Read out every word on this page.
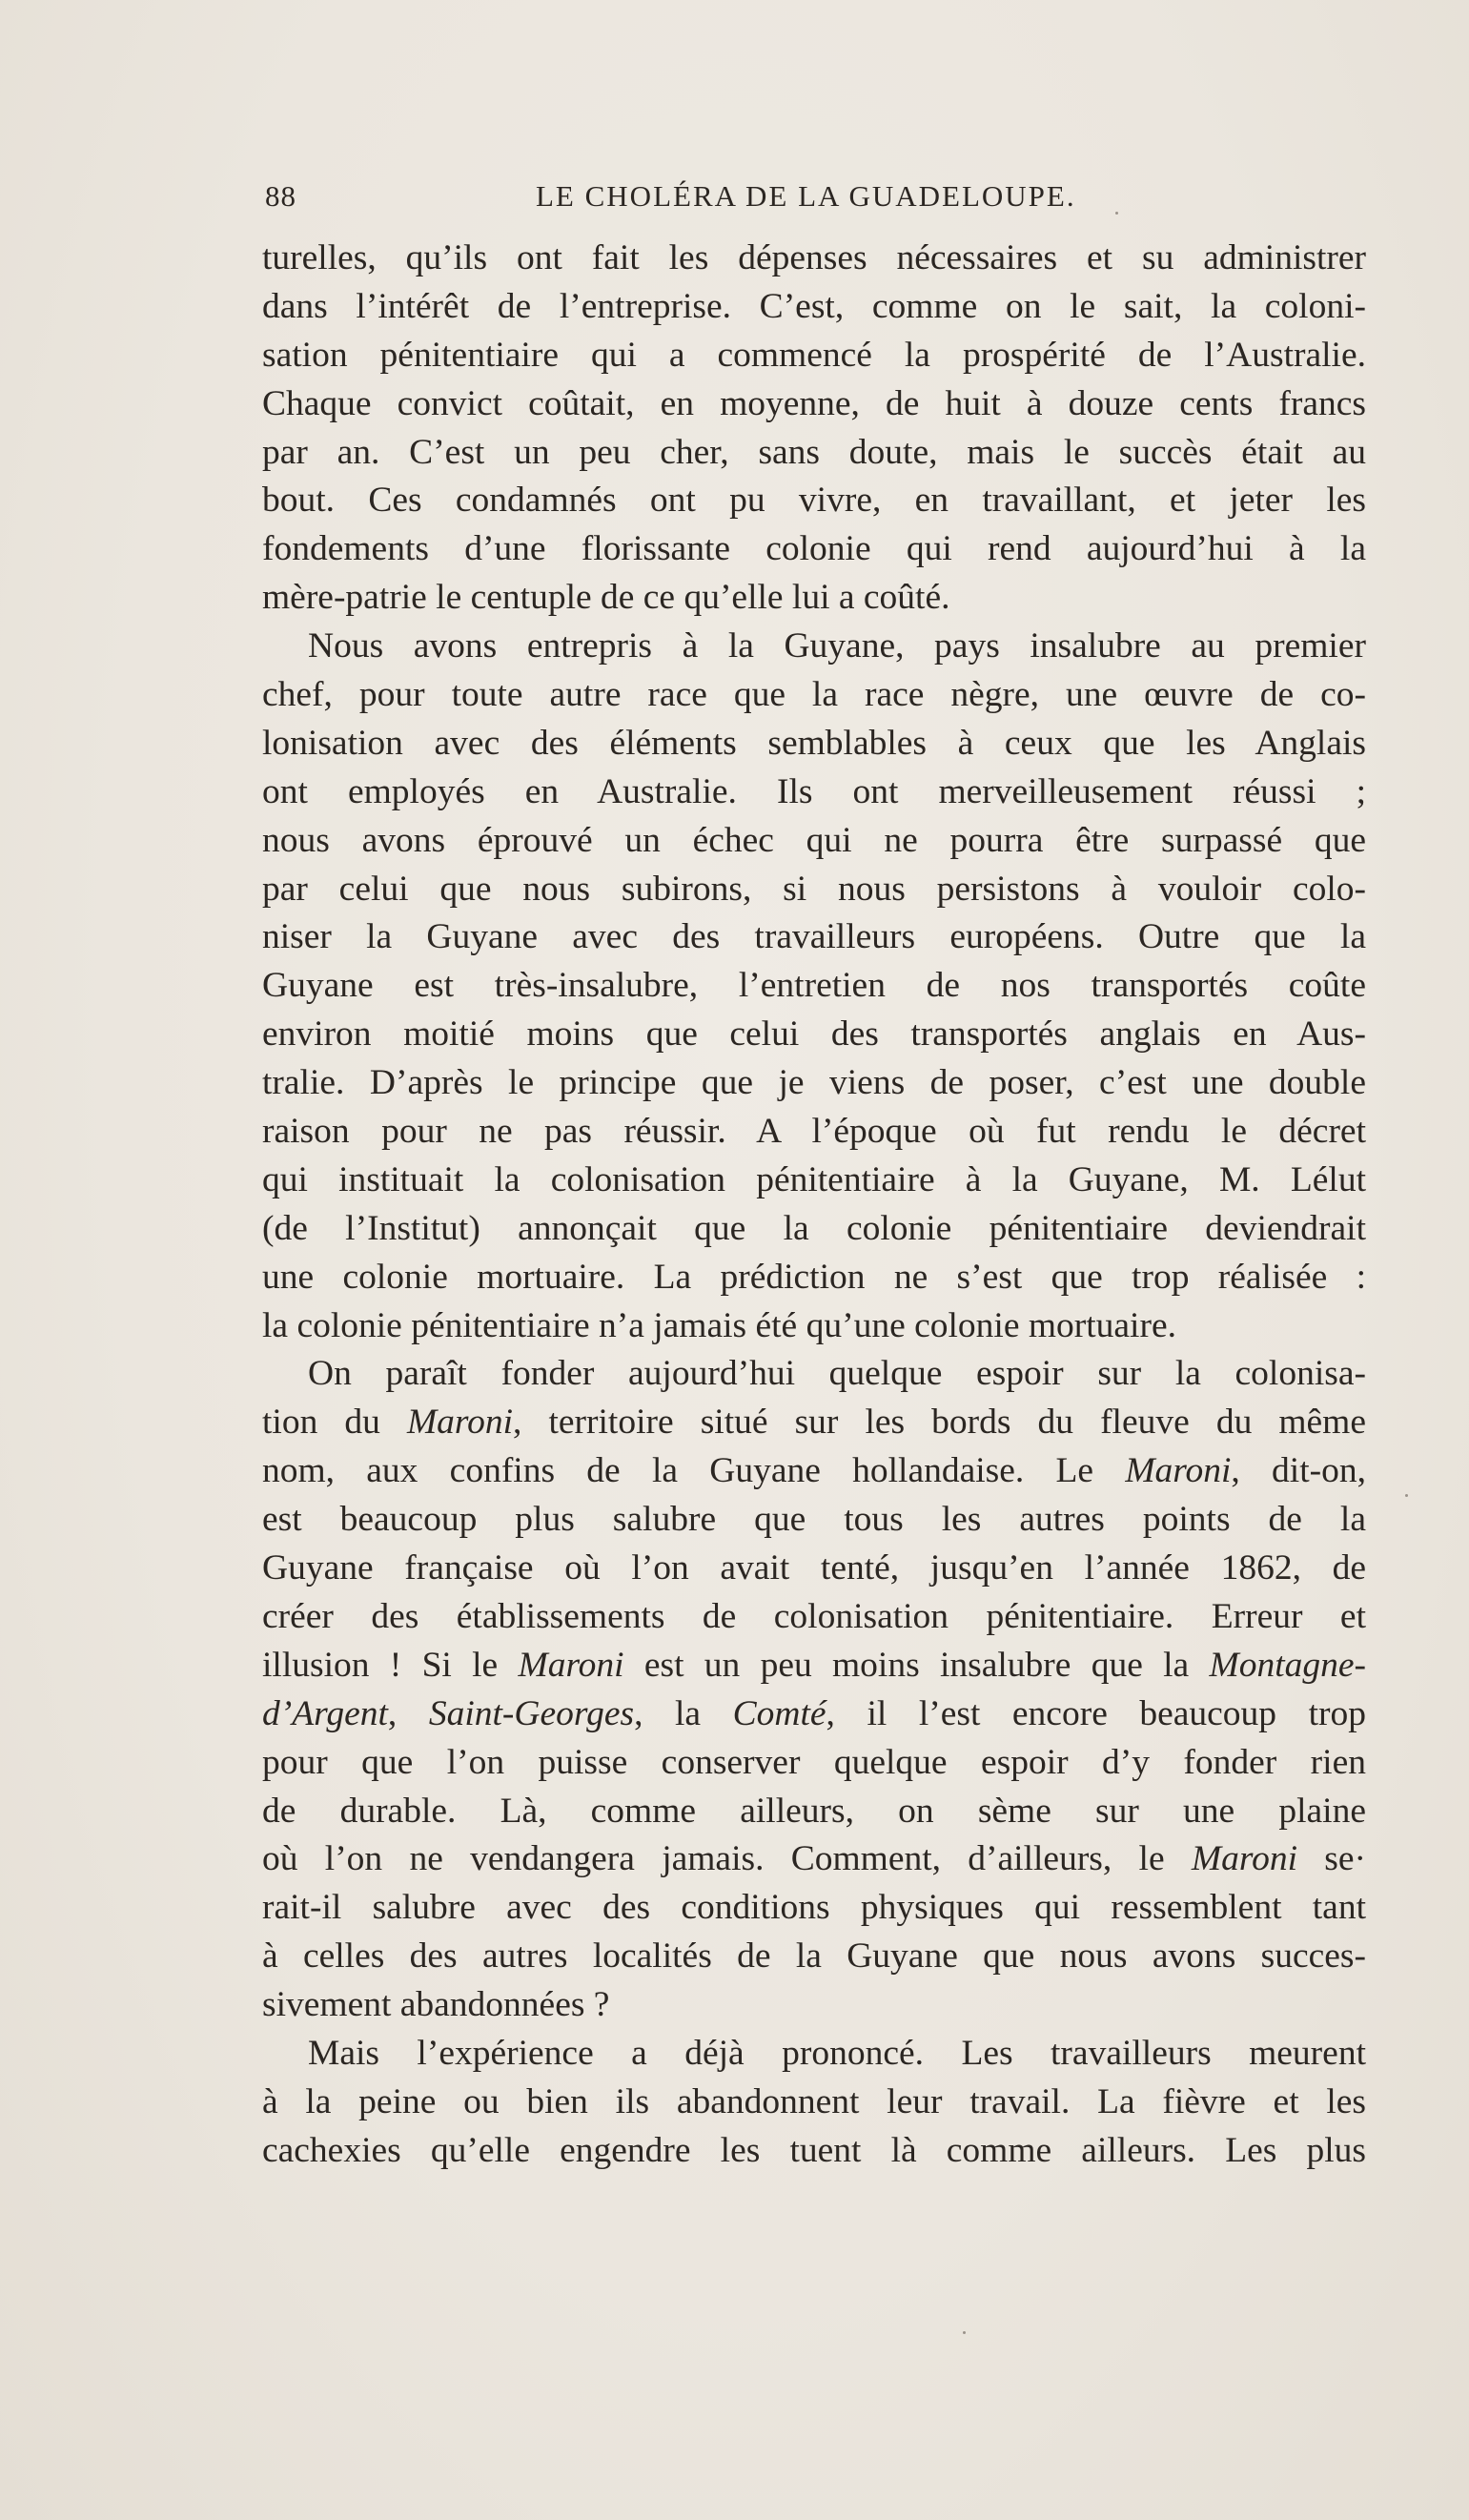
88	LE CHOLÉRA DE LA GUADELOUPE.
turelles, qu’ils ont fait les dépenses nécessaires et su administrer
dans l’intérêt de l’entreprise. C’est, comme on le sait, la coloni-
sation pénitentiaire qui a commencé la prospérité de l’Australie.
Chaque convict coûtait, en moyenne, de huit à douze cents francs
par an. C’est un peu cher, sans doute, mais le succès était au
bout. Ces condamnés ont pu vivre, en travaillant, et jeter les
fondements d’une florissante colonie qui rend aujourd’hui à la
mère-patrie le centuple de ce qu’elle lui a coûté.
Nous avons entrepris à la Guyane, pays insalubre au premier
chef, pour toute autre race que la race nègre, une œuvre de co-
lonisation avec des éléments semblables à ceux que les Anglais
ont employés en Australie. Ils ont merveilleusement réussi ;
nous avons éprouvé un échec qui ne pourra être surpassé que
par celui que nous subirons, si nous persistons à vouloir colo-
niser la Guyane avec des travailleurs européens. Outre que la
Guyane est très-insalubre, l’entretien de nos transportés coûte
environ moitié moins que celui des transportés anglais en Aus-
tralie. D’après le principe que je viens de poser, c’est une double
raison pour ne pas réussir. A l’époque où fut rendu le décret
qui instituait la colonisation pénitentiaire à la Guyane, M. Lélut
(de l’Institut) annonçait que la colonie pénitentiaire deviendrait
une colonie mortuaire. La prédiction ne s’est que trop réalisée :
la colonie pénitentiaire n’a jamais été qu’une colonie mortuaire.
On paraît fonder aujourd’hui quelque espoir sur la colonisa-
tion du Maroni, territoire situé sur les bords du fleuve du même
nom, aux confins de la Guyane hollandaise. Le Maroni, dit-on,
est beaucoup plus salubre que tous les autres points de la
Guyane française où l’on avait tenté, jusqu’en l’année 1862, de
créer des établissements de colonisation pénitentiaire. Erreur et
illusion ! Si le Maroni est un peu moins insalubre que la Montagne-
d’Argent, Saint-Georges, la Comté, il l’est encore beaucoup trop
pour que l’on puisse conserver quelque espoir d’y fonder rien
de durable. Là, comme ailleurs, on sème sur une plaine
où l’on ne vendangera jamais. Comment, d’ailleurs, le Maroni se·
rait-il salubre avec des conditions physiques qui ressemblent tant
à celles des autres localités de la Guyane que nous avons succes-
sivement abandonnées ?
Mais l’expérience a déjà prononcé. Les travailleurs meurent
à la peine ou bien ils abandonnent leur travail. La fièvre et les
cachexies qu’elle engendre les tuent là comme ailleurs. Les plus
